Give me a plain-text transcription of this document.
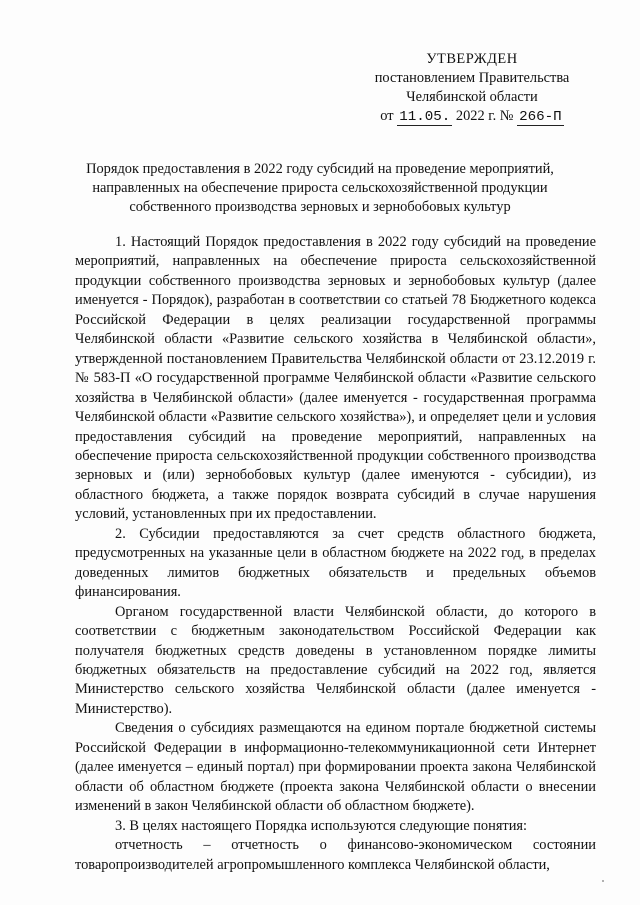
УТВЕРЖДЕН
постановлением Правительства
Челябинской области
от 11.05. 2022 г. № 266-П
Порядок предоставления в 2022 году субсидий на проведение мероприятий,
направленных на обеспечение прироста сельскохозяйственной продукции
собственного производства зерновых и зернобобовых культур

1. Настоящий Порядок предоставления в 2022 году субсидий на проведение мероприятий, направленных на обеспечение прироста сельскохозяйственной продукции собственного производства зерновых и зернобобовых культур (далее именуется - Порядок), разработан в соответствии со статьей 78 Бюджетного кодекса Российской Федерации в целях реализации государственной программы Челябинской области «Развитие сельского хозяйства в Челябинской области», утвержденной постановлением Правительства Челябинской области от 23.12.2019 г. № 583-П «О государственной программе Челябинской области «Развитие сельского хозяйства в Челябинской области» (далее именуется - государственная программа Челябинской области «Развитие сельского хозяйства»), и определяет цели и условия предоставления субсидий на проведение мероприятий, направленных на обеспечение прироста сельскохозяйственной продукции собственного производства зерновых и (или) зернобобовых культур (далее именуются - субсидии), из областного бюджета, а также порядок возврата субсидий в случае нарушения условий, установленных при их предоставлении.

2. Субсидии предоставляются за счет средств областного бюджета, предусмотренных на указанные цели в областном бюджете на 2022 год, в пределах доведенных лимитов бюджетных обязательств и предельных объемов финансирования.

Органом государственной власти Челябинской области, до которого в соответствии с бюджетным законодательством Российской Федерации как получателя бюджетных средств доведены в установленном порядке лимиты бюджетных обязательств на предоставление субсидий на 2022 год, является Министерство сельского хозяйства Челябинской области (далее именуется - Министерство).

Сведения о субсидиях размещаются на едином портале бюджетной системы Российской Федерации в информационно-телекоммуникационной сети Интернет (далее именуется – единый портал) при формировании проекта закона Челябинской области об областном бюджете (проекта закона Челябинской области о внесении изменений в закон Челябинской области об областном бюджете).

3. В целях настоящего Порядка используются следующие понятия:

отчетность – отчетность о финансово-экономическом состоянии товаропроизводителей агропромышленного комплекса Челябинской области,
